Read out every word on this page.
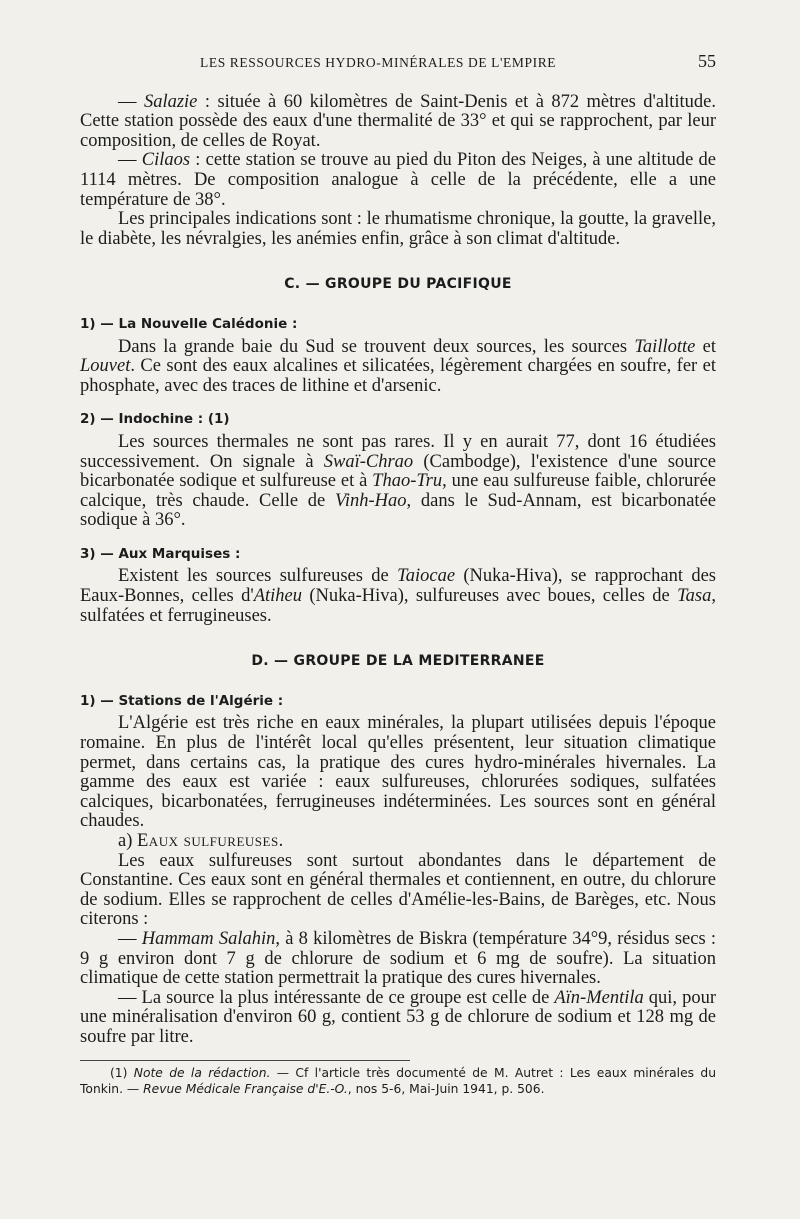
LES RESSOURCES HYDRO-MINÉRALES DE L'EMPIRE	55

— Salazie : située à 60 kilomètres de Saint-Denis et à 872 mètres d'altitude. Cette station possède des eaux d'une thermalité de 33° et qui se rapprochent, par leur composition, de celles de Royat.

— Cilaos : cette station se trouve au pied du Piton des Neiges, à une altitude de 1114 mètres. De composition analogue à celle de la précédente, elle a une température de 38°.

Les principales indications sont : le rhumatisme chronique, la goutte, la gravelle, le diabète, les névralgies, les anémies enfin, grâce à son climat d'altitude.

C. — GROUPE DU PACIFIQUE
1) — La Nouvelle Calédonie :

Dans la grande baie du Sud se trouvent deux sources, les sources Taillotte et Louvet. Ce sont des eaux alcalines et silicatées, légèrement chargées en soufre, fer et phosphate, avec des traces de lithine et d'arsenic.

2) — Indochine : (1)

Les sources thermales ne sont pas rares. Il y en aurait 77, dont 16 étudiées successivement. On signale à Swaï-Chrao (Cambodge), l'existence d'une source bicarbonatée sodique et sulfureuse et à Thao-Tru, une eau sulfureuse faible, chlorurée calcique, très chaude. Celle de Vinh-Hao, dans le Sud-Annam, est bicarbonatée sodique à 36°.

3) — Aux Marquises :

Existent les sources sulfureuses de Taiocae (Nuka-Hiva), se rapprochant des Eaux-Bonnes, celles d'Atiheu (Nuka-Hiva), sulfureuses avec boues, celles de Tasa, sulfatées et ferrugineuses.

D. — GROUPE DE LA MEDITERRANEE
1) — Stations de l'Algérie :

L'Algérie est très riche en eaux minérales, la plupart utilisées depuis l'époque romaine. En plus de l'intérêt local qu'elles présentent, leur situation climatique permet, dans certains cas, la pratique des cures hydro-minérales hivernales. La gamme des eaux est variée : eaux sulfureuses, chlorurées sodiques, sulfatées calciques, bicarbonatées, ferrugineuses indéterminées. Les sources sont en général chaudes.

a) Eaux sulfureuses.

Les eaux sulfureuses sont surtout abondantes dans le département de Constantine. Ces eaux sont en général thermales et contiennent, en outre, du chlorure de sodium. Elles se rapprochent de celles d'Amélie-les-Bains, de Barèges, etc. Nous citerons :

— Hammam Salahin, à 8 kilomètres de Biskra (température 34°9, résidus secs : 9 g environ dont 7 g de chlorure de sodium et 6 mg de soufre). La situation climatique de cette station permettrait la pratique des cures hivernales.

— La source la plus intéressante de ce groupe est celle de Aïn-Mentila qui, pour une minéralisation d'environ 60 g, contient 53 g de chlorure de sodium et 128 mg de soufre par litre.

(1) Note de la rédaction. — Cf l'article très documenté de M. Autret : Les eaux minérales du Tonkin. — Revue Médicale Française d'E.-O., nos 5-6, Mai-Juin 1941, p. 506.
